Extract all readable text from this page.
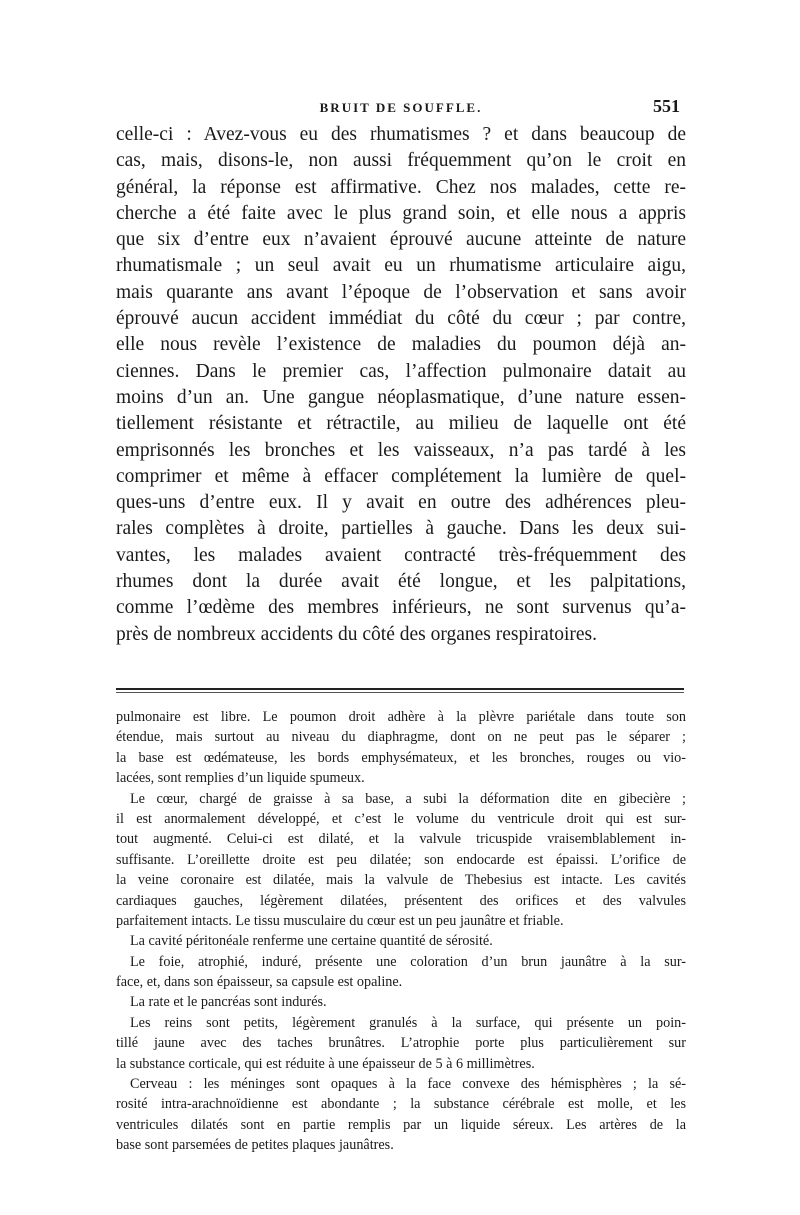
BRUIT DE SOUFFLE.	551
celle-ci : Avez-vous eu des rhumatismes ? et dans beaucoup de
cas, mais, disons-le, non aussi fréquemment qu’on le croit en
général, la réponse est affirmative. Chez nos malades, cette re-
cherche a été faite avec le plus grand soin, et elle nous a appris
que six d’entre eux n’avaient éprouvé aucune atteinte de nature
rhumatismale ; un seul avait eu un rhumatisme articulaire aigu,
mais quarante ans avant l’époque de l’observation et sans avoir
éprouvé aucun accident immédiat du côté du cœur ; par contre,
elle nous revèle l’existence de maladies du poumon déjà an-
ciennes. Dans le premier cas, l’affection pulmonaire datait au
moins d’un an. Une gangue néoplasmatique, d’une nature essen-
tiellement résistante et rétractile, au milieu de laquelle ont été
emprisonnés les bronches et les vaisseaux, n’a pas tardé à les
comprimer et même à effacer complétement la lumière de quel-
ques-uns d’entre eux. Il y avait en outre des adhérences pleu-
rales complètes à droite, partielles à gauche. Dans les deux sui-
vantes, les malades avaient contracté très-fréquemment des
rhumes dont la durée avait été longue, et les palpitations,
comme l’œdème des membres inférieurs, ne sont survenus qu’a-
près de nombreux accidents du côté des organes respiratoires.
pulmonaire est libre. Le poumon droit adhère à la plèvre pariétale dans toute son
étendue, mais surtout au niveau du diaphragme, dont on ne peut pas le séparer ;
la base est œdémateuse, les bords emphysémateux, et les bronches, rouges ou vio-
lacées, sont remplies d’un liquide spumeux.
Le cœur, chargé de graisse à sa base, a subi la déformation dite en gibecière ;
il est anormalement développé, et c’est le volume du ventricule droit qui est sur-
tout augmenté. Celui-ci est dilaté, et la valvule tricuspide vraisemblablement in-
suffisante. L’oreillette droite est peu dilatée; son endocarde est épaissi. L’orifice de
la veine coronaire est dilatée, mais la valvule de Thebesius est intacte. Les cavités
cardiaques gauches, légèrement dilatées, présentent des orifices et des valvules
parfaitement intacts. Le tissu musculaire du cœur est un peu jaunâtre et friable.
La cavité péritonéale renferme une certaine quantité de sérosité.
Le foie, atrophié, induré, présente une coloration d’un brun jaunâtre à la sur-
face, et, dans son épaisseur, sa capsule est opaline.
La rate et le pancréas sont indurés.
Les reins sont petits, légèrement granulés à la surface, qui présente un poin-
tillé jaune avec des taches brunâtres. L’atrophie porte plus particulièrement sur
la substance corticale, qui est réduite à une épaisseur de 5 à 6 millimètres.
Cerveau : les méninges sont opaques à la face convexe des hémisphères ; la sé-
rosité intra-arachnoïdienne est abondante ; la substance cérébrale est molle, et les
ventricules dilatés sont en partie remplis par un liquide séreux. Les artères de la
base sont parsemées de petites plaques jaunâtres.
